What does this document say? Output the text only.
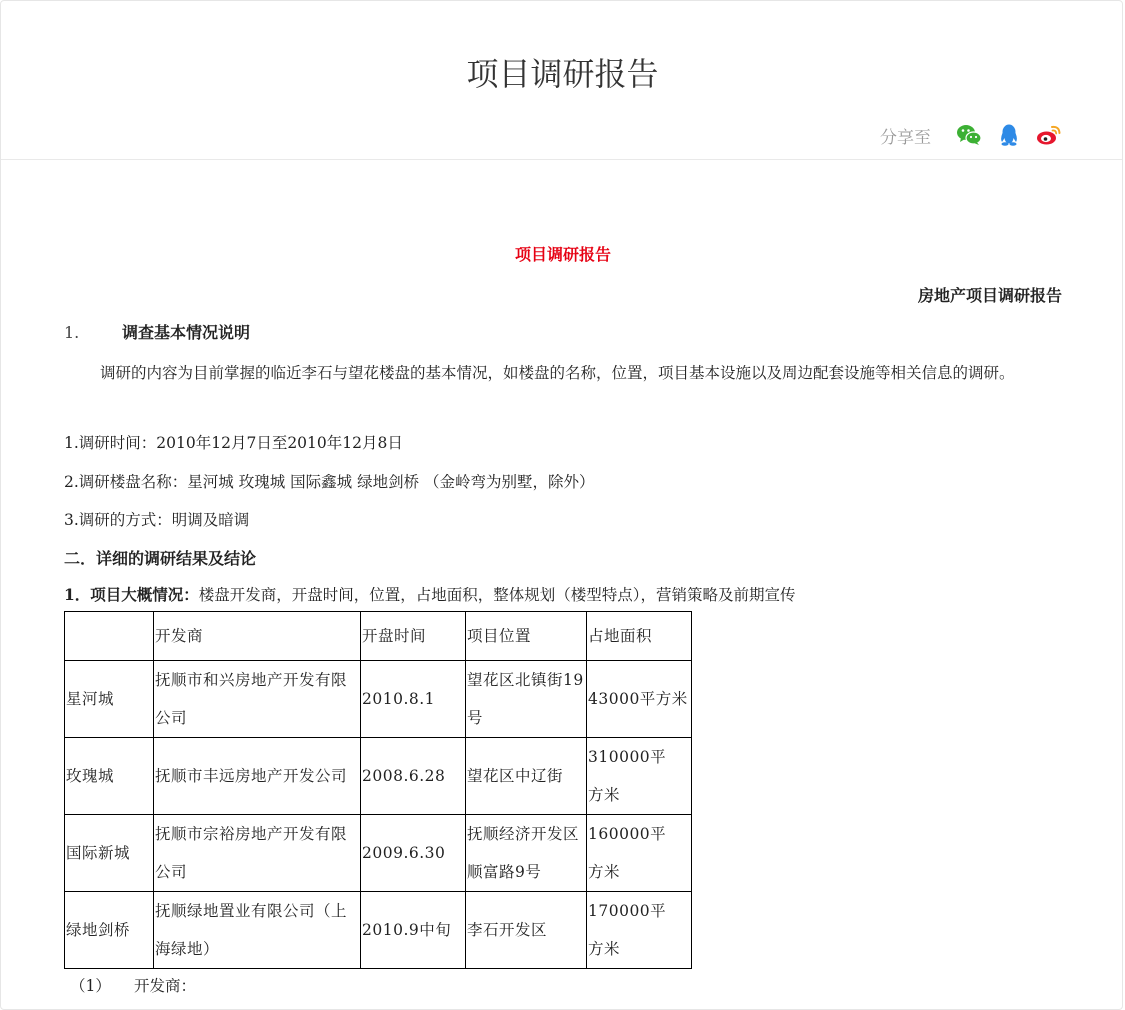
项目调研报告
分享至
项目调研报告
房地产项目调研报告
1.	调查基本情况说明
调研的内容为目前掌握的临近李石与望花楼盘的基本情况，如楼盘的名称，位置，项目基本设施以及周边配套设施等相关信息的调研。
1.调研时间：2010年12月7日至2010年12月8日
2.调研楼盘名称：星河城 玫瑰城 国际鑫城 绿地剑桥 （金岭弯为别墅，除外）
3.调研的方式：明调及暗调
二．详细的调研结果及结论
1．项目大概情况：楼盘开发商，开盘时间，位置，占地面积，整体规划（楼型特点），营销策略及前期宣传
	开发商	开盘时间	项目位置	占地面积
星河城	抚顺市和兴房地产开发有限公司	2010.8.1	望花区北镇街19号	43000平方米
玫瑰城	抚顺市丰远房地产开发公司	2008.6.28	望花区中辽街	310000平　方米
国际新城	抚顺市宗裕房地产开发有限公司	2009.6.30	抚顺经济开发区顺富路9号	160000平　方米
绿地剑桥	抚顺绿地置业有限公司（上海绿地）	2010.9中旬	李石开发区	170000平　方米
（1） 开发商：
